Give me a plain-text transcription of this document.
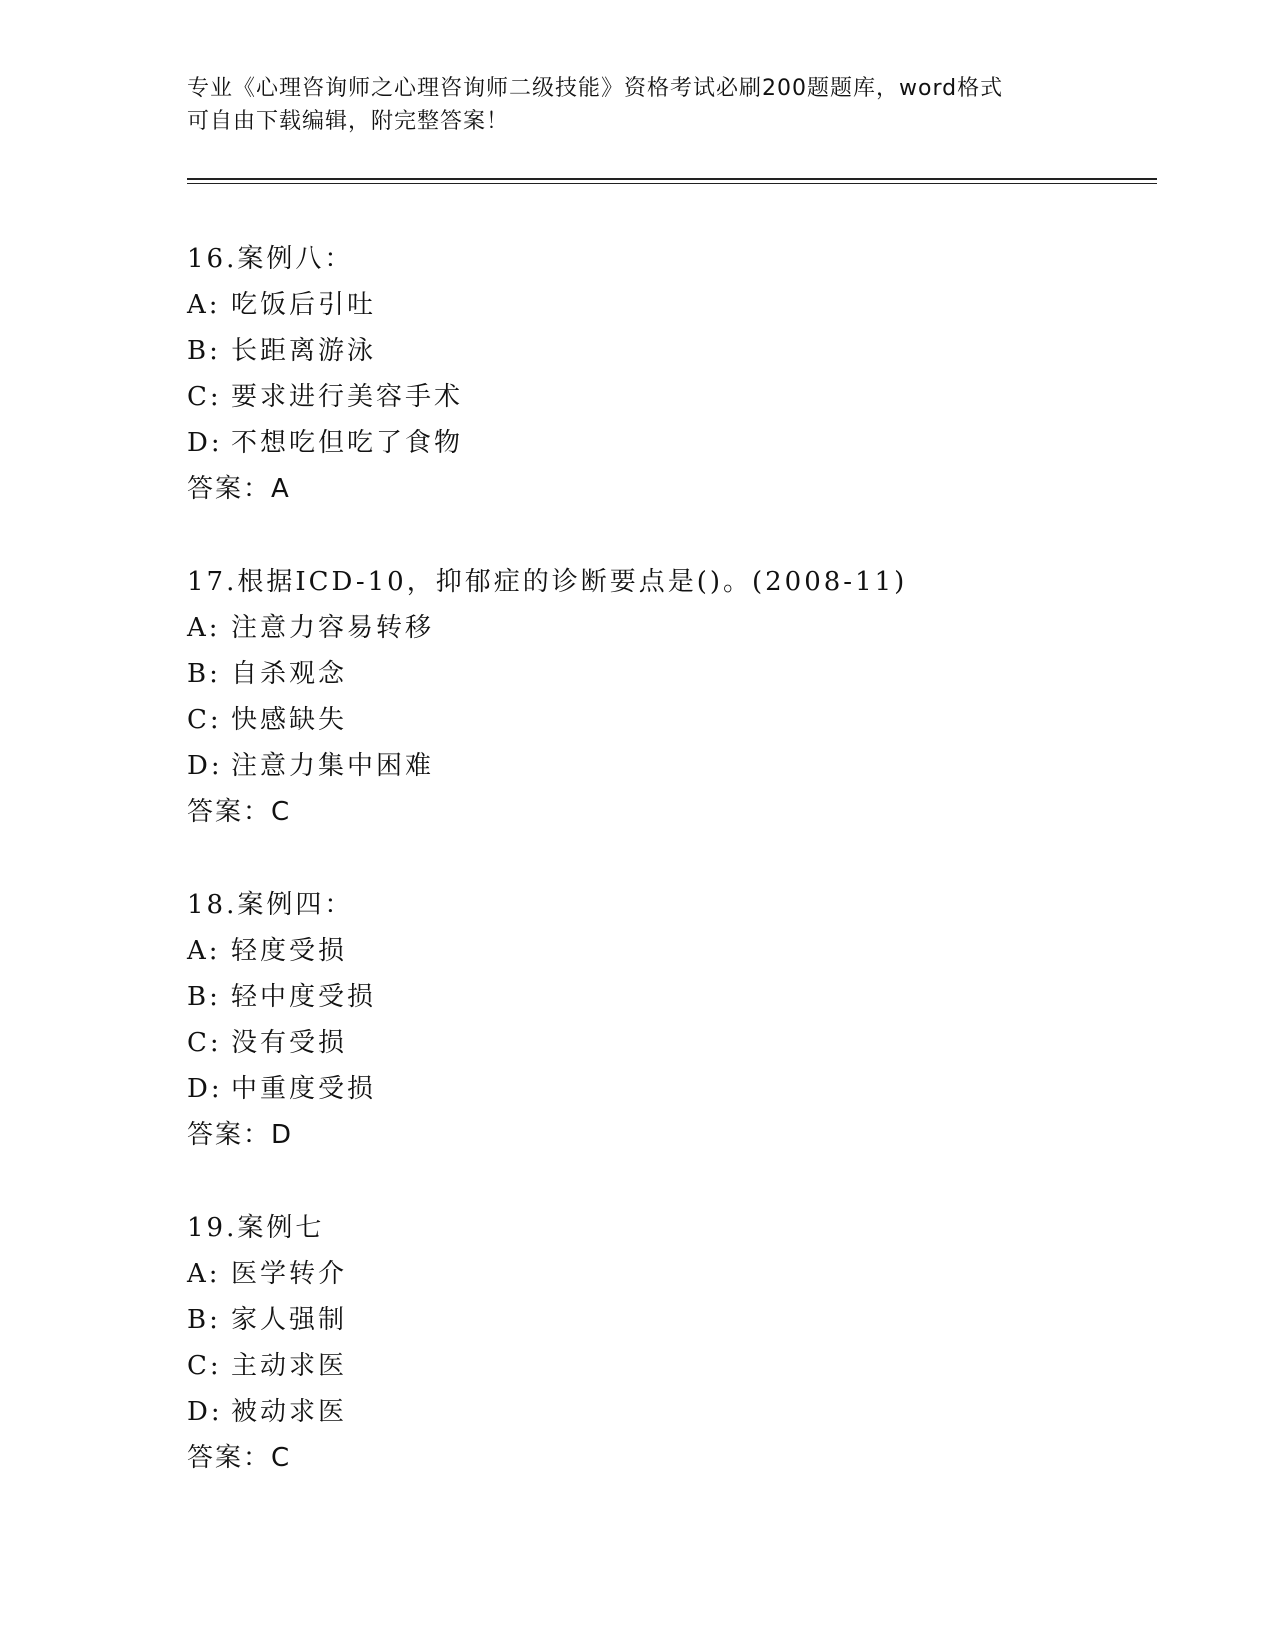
专业《心理咨询师之心理咨询师二级技能》资格考试必刷200题题库，word格式
可自由下载编辑，附完整答案！
16.案例八：
A: 吃饭后引吐
B: 长距离游泳
C: 要求进行美容手术
D: 不想吃但吃了食物
答案：A
17.根据ICD-10，抑郁症的诊断要点是()。(2008-11)
A: 注意力容易转移
B: 自杀观念
C: 快感缺失
D: 注意力集中困难
答案：C
18.案例四：
A: 轻度受损
B: 轻中度受损
C: 没有受损
D: 中重度受损
答案：D
19.案例七
A: 医学转介
B: 家人强制
C: 主动求医
D: 被动求医
答案：C
